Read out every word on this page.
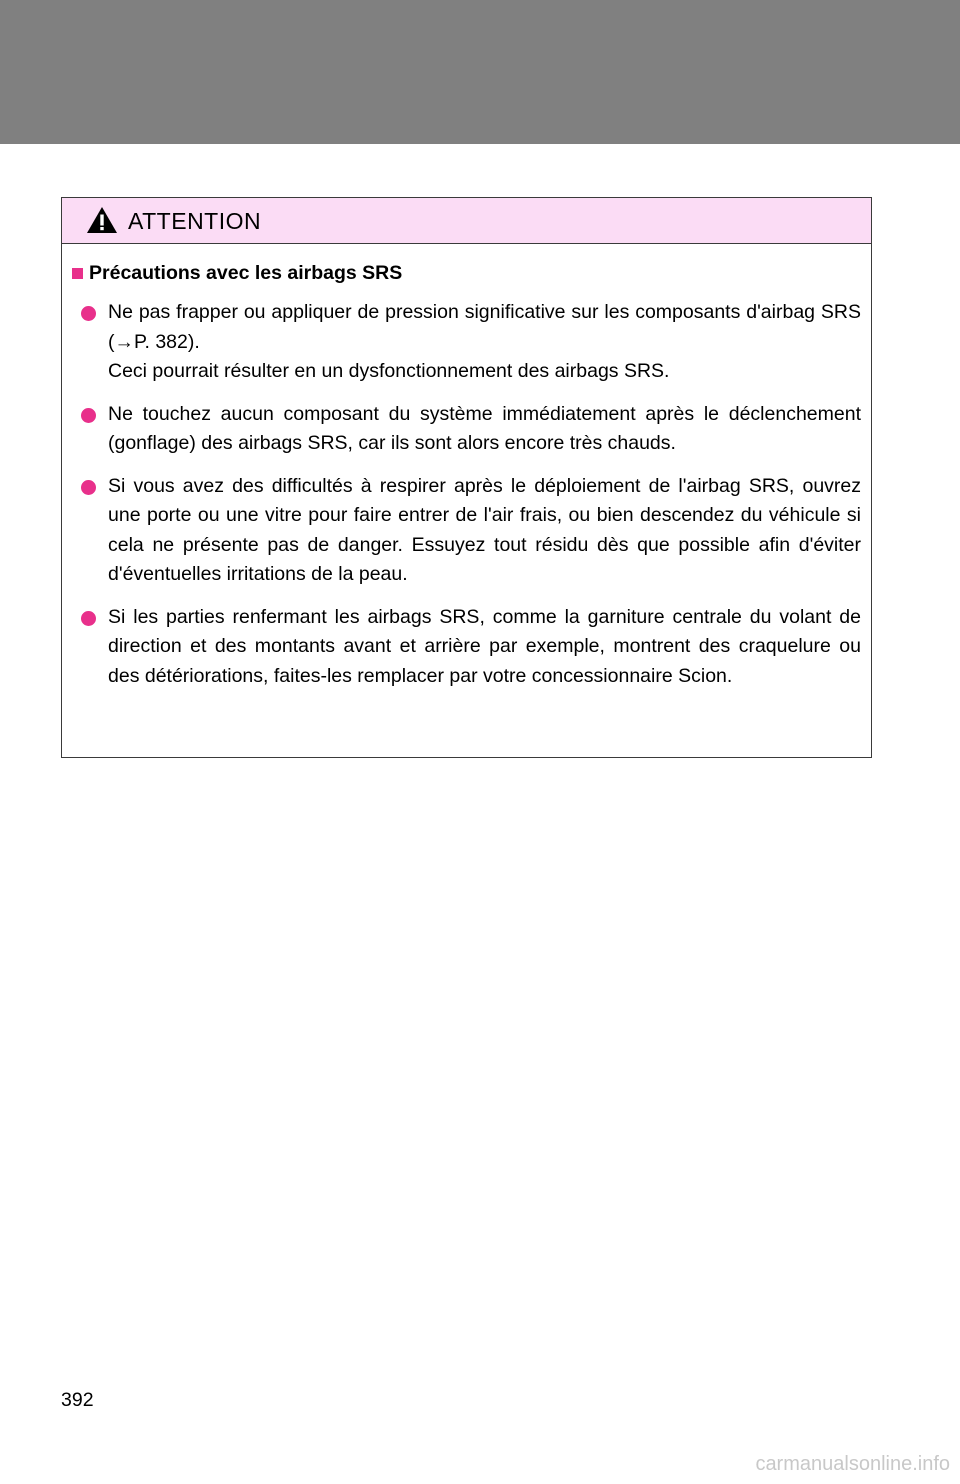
ATTENTION
Précautions avec les airbags SRS
Ne pas frapper ou appliquer de pression significative sur les composants d'airbag SRS (→P. 382).
Ceci pourrait résulter en un dysfonctionnement des airbags SRS.
Ne touchez aucun composant du système immédiatement après le déclenchement (gonflage) des airbags SRS, car ils sont alors encore très chauds.
Si vous avez des difficultés à respirer après le déploiement de l'airbag SRS, ouvrez une porte ou une vitre pour faire entrer de l'air frais, ou bien descendez du véhicule si cela ne présente pas de danger. Essuyez tout résidu dès que possible afin d'éviter d'éventuelles irritations de la peau.
Si les parties renfermant les airbags SRS, comme la garniture centrale du volant de direction et des montants avant et arrière par exemple, montrent des craquelure ou des détériorations, faites-les remplacer par votre concessionnaire Scion.
392
carmanualsonline.info
